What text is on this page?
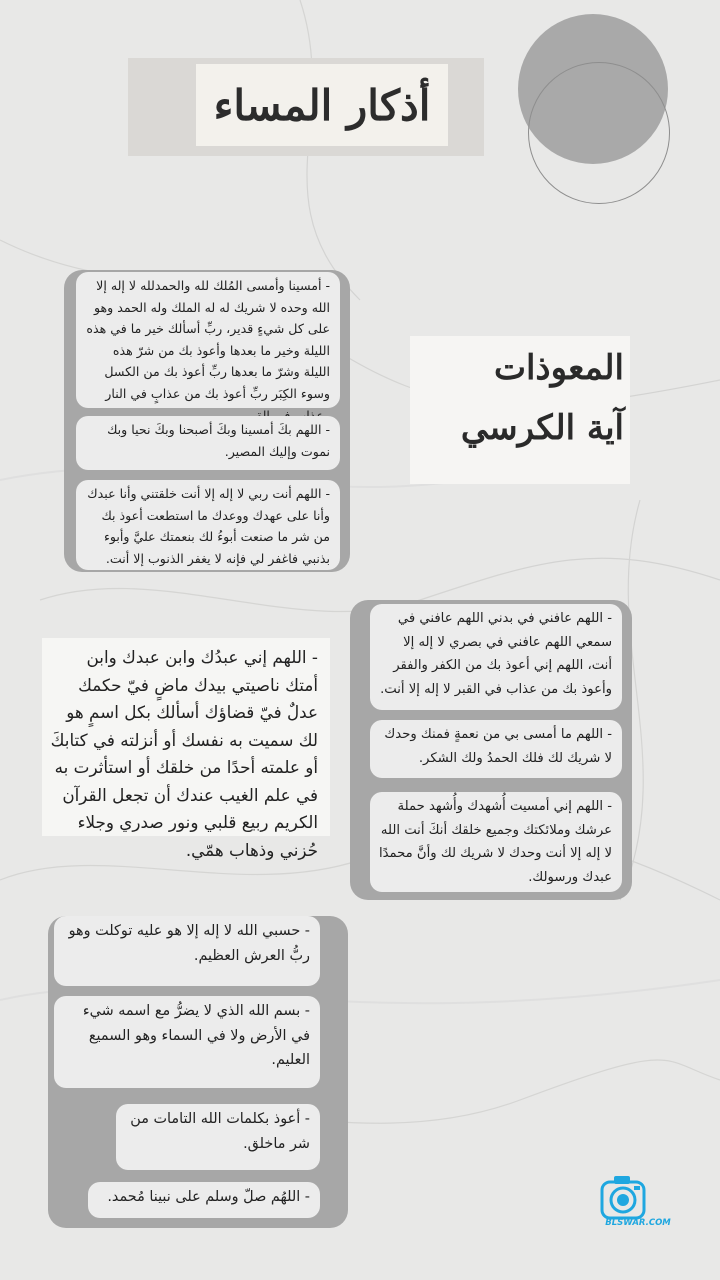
أذكار المساء
- أمسينا وأمسى المُلك لله والحمدلله لا إله إلا الله وحده لا شريك له له الملك وله الحمد وهو على كل شيءٍ قدير، ربِّ أسألك خير ما في هذه الليلة وخير ما بعدها وأعوذ بك من شرّ هذه الليلة وشرّ ما بعدها ربِّ أعوذ بك من الكسل وسوء الكِبَر ربِّ أعوذ بك من عذابٍ في النار
- اللهم بكَ أمسينا وبكَ أصبحنا وبكَ نحيا وبك نموت وإليك المصير.
- اللهم أنت ربي لا إله إلا أنت خلقتني وأنا عبدك وأنا على عهدك ووعدك ما استطعت أعوذ بك من شر ما صنعت أبوءُ لك بنعمتك عليَّ وأبوء بذنبي فاغفر لي فإنه لا يغفر الذنوب إلا أنت.
المعوذات
آية الكرسي
- اللهم عافني في بدني اللهم عافني في سمعي اللهم عافني في بصري لا إله إلا أنت، اللهم إني أعوذ بك من الكفر والفقر وأعوذ بك من عذاب في القبر لا إله إلا أنت.
- اللهم ما أمسى بي من نعمةٍ فمنك وحدك لا شريك لك فلك الحمدُ ولك الشكر.
- اللهم إني أمسيت أُشهدك وأُشهد حملة عرشك وملائكتك وجميع خلقك أنكَ أنت الله لا إله إلا أنت وحدك لا شريك لك وأنَّ محمدًا عبدك ورسولك.
- اللهم إني عبدُك وابن عبدك وابن أمتك ناصيتي بيدك ماضٍ فيّ حكمك عدلٌ فيّ قضاؤك أسألك بكل اسمٍ هو لك سميت به نفسك أو أنزلته في كتابكَ أو علمته أحدًا من خلقك أو استأثرت به في علم الغيب عندك أن تجعل القرآن الكريم ربيع قلبي ونور صدري وجلاء حُزني وذهاب همّي.
- حسبي الله لا إله إلا هو عليه توكلت وهو ربُّ العرش العظيم.
- بسم الله الذي لا يضرُّ مع اسمه شيء في الأرض ولا في السماء وهو السميع العليم.
- أعوذ بكلمات الله التامات من شر ماخلق.
- اللهُم صلّ وسلم على نبينا مُحمد.
BLSWAR.COM
